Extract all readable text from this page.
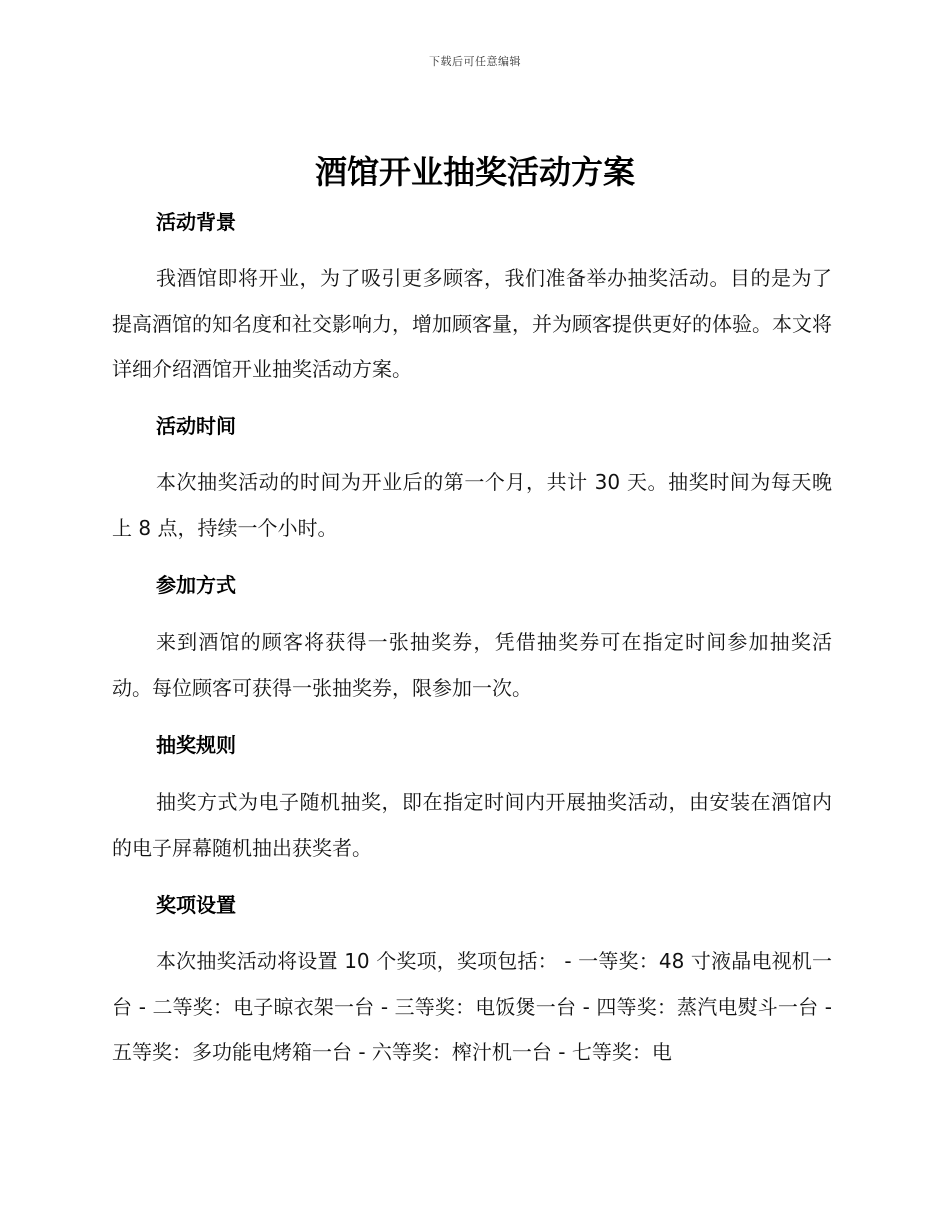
下载后可任意编辑
酒馆开业抽奖活动方案
活动背景

我酒馆即将开业，为了吸引更多顾客，我们准备举办抽奖活动。目的是为了提高酒馆的知名度和社交影响力，增加顾客量，并为顾客提供更好的体验。本文将详细介绍酒馆开业抽奖活动方案。

活动时间

本次抽奖活动的时间为开业后的第一个月，共计 30 天。抽奖时间为每天晚上 8 点，持续一个小时。

参加方式

来到酒馆的顾客将获得一张抽奖券，凭借抽奖券可在指定时间参加抽奖活动。每位顾客可获得一张抽奖券，限参加一次。

抽奖规则

抽奖方式为电子随机抽奖，即在指定时间内开展抽奖活动，由安装在酒馆内的电子屏幕随机抽出获奖者。

奖项设置

本次抽奖活动将设置 10 个奖项，奖项包括： - 一等奖：48 寸液晶电视机一台 - 二等奖：电子晾衣架一台 - 三等奖：电饭煲一台 - 四等奖：蒸汽电熨斗一台 - 五等奖：多功能电烤箱一台 - 六等奖：榨汁机一台 - 七等奖：电
